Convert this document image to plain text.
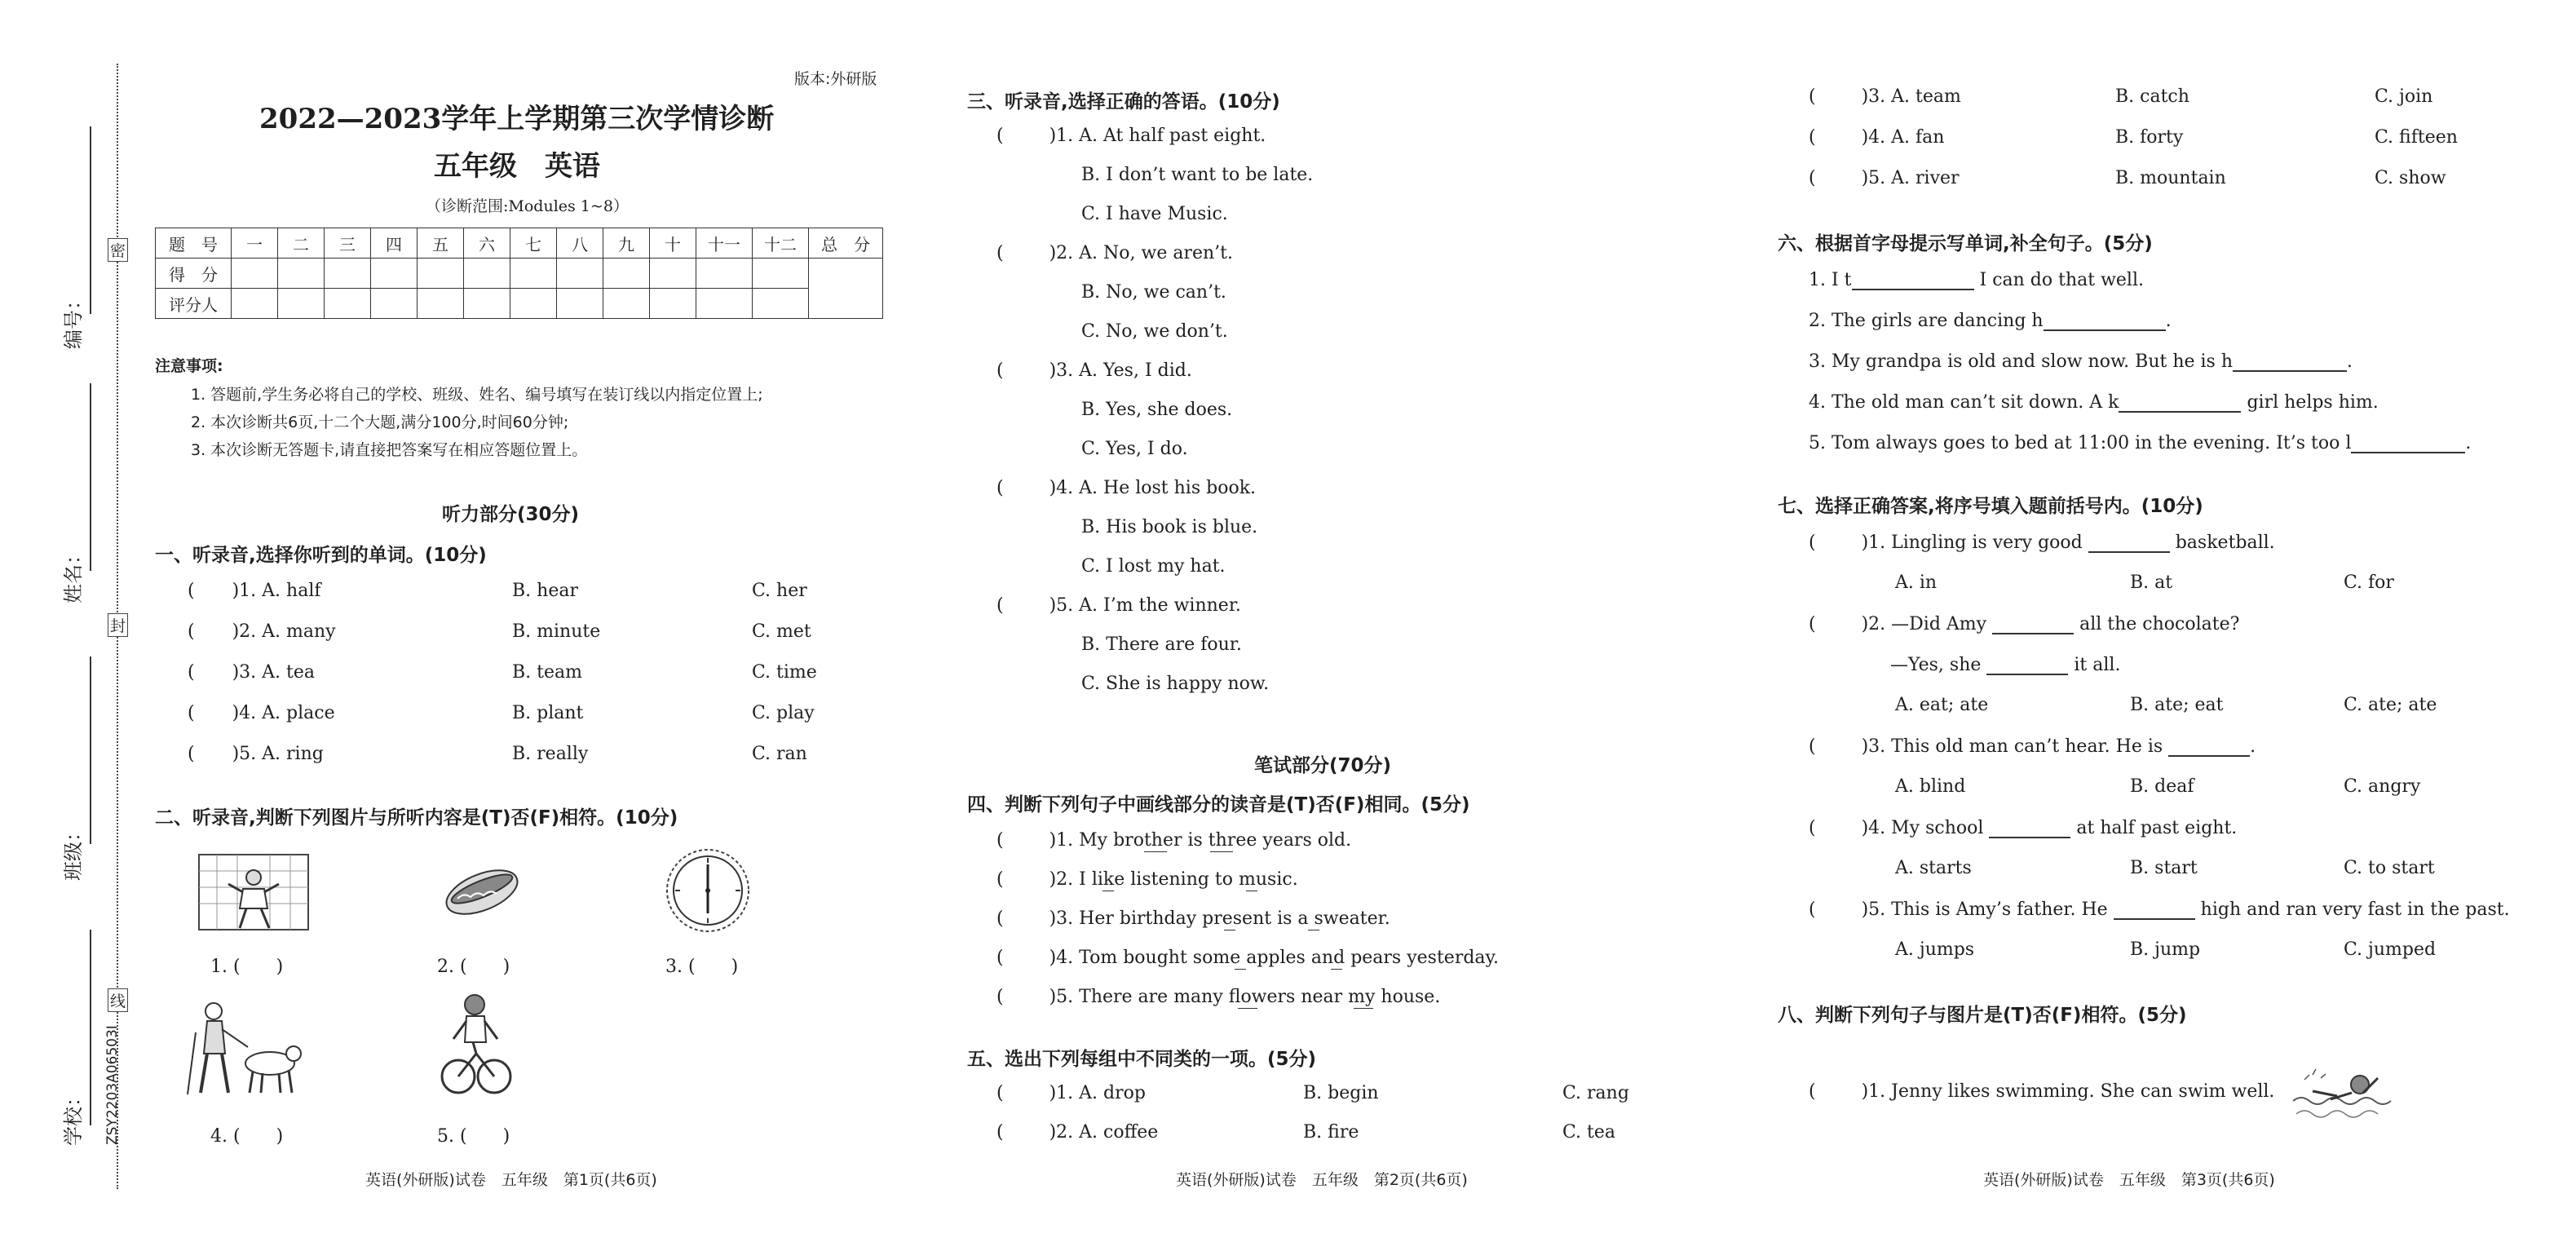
编号：
姓名：
班级：
学校：
密
封
线
ZSY2203A06503I
版本:外研版
2022—2023学年上学期第三次学情诊断
五年级　英语
（诊断范围:Modules 1~8）
题　号	一	二	三	四	五	六	七	八	九	十	十一	十二	总　分
得　分													
评分人													
注意事项:
1. 答题前,学生务必将自己的学校、班级、姓名、编号填写在装订线以内指定位置上;
2. 本次诊断共6页,十二个大题,满分100分,时间60分钟;
3. 本次诊断无答题卡,请直接把答案写在相应答题位置上。
听力部分(30分)
一、听录音,选择你听到的单词。(10分)
( )1. A. half	B. hear	C. her
( )2. A. many	B. minute	C. met
( )3. A. tea	B. team	C. time
( )4. A. place	B. plant	C. play
( )5. A. ring	B. really	C. ran
二、听录音,判断下列图片与所听内容是(T)否(F)相符。(10分)
1. (　　)	2. (　　)	3. (　　)
4. (　　)	5. (　　)
英语(外研版)试卷　五年级　第1页(共6页)
三、听录音,选择正确的答语。(10分)
(	)1. A. At half past eight.
B. I don’t want to be late.
C. I have Music.
(	)2. A. No, we aren’t.
B. No, we can’t.
C. No, we don’t.
(	)3. A. Yes, I did.
B. Yes, she does.
C. Yes, I do.
(	)4. A. He lost his book.
B. His book is blue.
C. I lost my hat.
(	)5. A. I’m the winner.
B. There are four.
C. She is happy now.
笔试部分(70分)
四、判断下列句子中画线部分的读音是(T)否(F)相同。(5分)
(	)1. My brother is three years old.
(	)2. I like listening to music.
(	)3. Her birthday present is a sweater.
(	)4. Tom bought some apples and pears yesterday.
(	)5. There are many flowers near my house.
五、选出下列每组中不同类的一项。(5分)
(	)1. A. drop	B. begin	C. rang
(	)2. A. coffee	B. fire	C. tea
英语(外研版)试卷　五年级　第2页(共6页)
(	)3. A. team	B. catch	C. join
(	)4. A. fan	B. forty	C. fifteen
(	)5. A. river	B. mountain	C. show
六、根据首字母提示写单词,补全句子。(5分)
1. I t	I can do that well.
2. The girls are dancing h	.
3. My grandpa is old and slow now. But he is h	.
4. The old man can’t sit down. A k	girl helps him.
5. Tom always goes to bed at 11:00 in the evening. It’s too l	.
七、选择正确答案,将序号填入题前括号内。(10分)
(	)1. Lingling is very good	basketball.
A. in	B. at	C. for
(	)2. —Did Amy	all the chocolate?
—Yes, she	it all.
A. eat; ate	B. ate; eat	C. ate; ate
(	)3. This old man can’t hear. He is	.
A. blind	B. deaf	C. angry
(	)4. My school	at half past eight.
A. starts	B. start	C. to start
(	)5. This is Amy’s father. He	high and ran very fast in the past.
A. jumps	B. jump	C. jumped
八、判断下列句子与图片是(T)否(F)相符。(5分)
(	)1. Jenny likes swimming. She can swim well.
英语(外研版)试卷　五年级　第3页(共6页)
